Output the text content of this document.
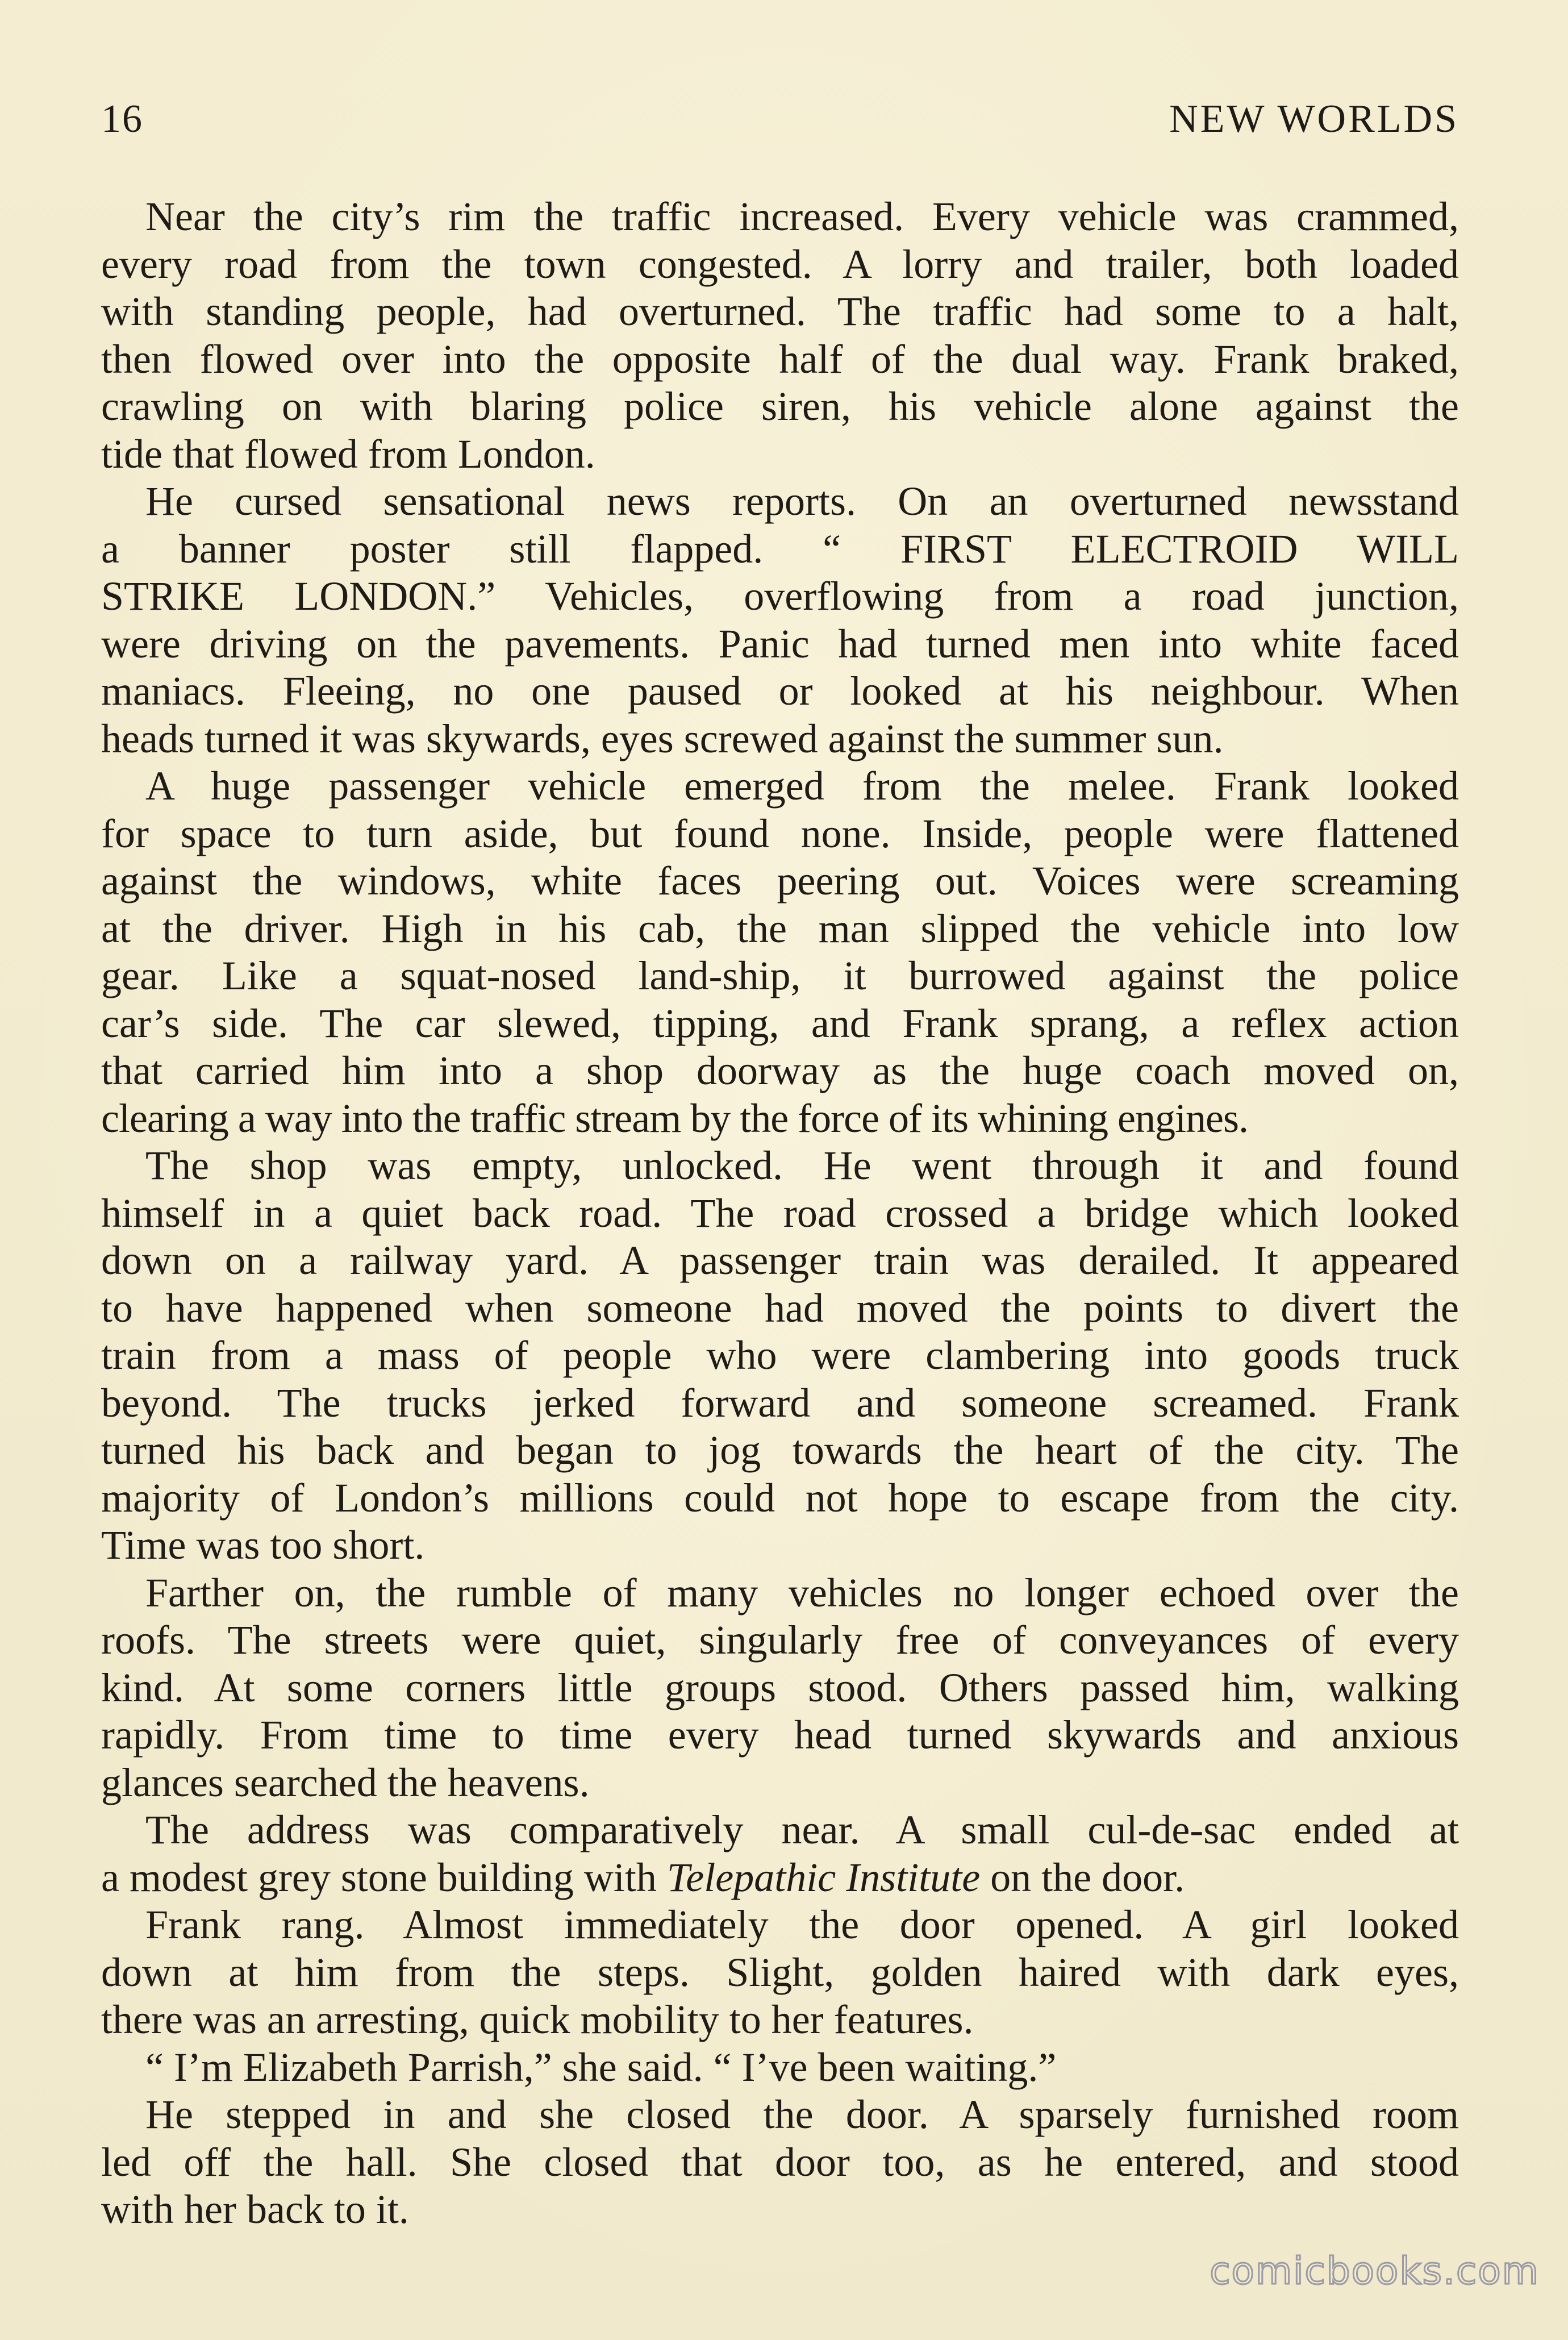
16	NEW WORLDS

Near the city’s rim the traffic increased. Every vehicle was crammed,
every road from the town congested. A lorry and trailer, both loaded
with standing people, had overturned. The traffic had some to a halt,
then flowed over into the opposite half of the dual way. Frank braked,
crawling on with blaring police siren, his vehicle alone against the
tide that flowed from London.

He cursed sensational news reports. On an overturned newsstand
a banner poster still flapped. “ FIRST ELECTROID WILL
STRIKE LONDON.” Vehicles, overflowing from a road junction,
were driving on the pavements. Panic had turned men into white faced
maniacs. Fleeing, no one paused or looked at his neighbour. When
heads turned it was skywards, eyes screwed against the summer sun.

A huge passenger vehicle emerged from the melee. Frank looked
for space to turn aside, but found none. Inside, people were flattened
against the windows, white faces peering out. Voices were screaming
at the driver. High in his cab, the man slipped the vehicle into low
gear. Like a squat-nosed land-ship, it burrowed against the police
car’s side. The car slewed, tipping, and Frank sprang, a reflex action
that carried him into a shop doorway as the huge coach moved on,
clearing a way into the traffic stream by the force of its whining engines.

The shop was empty, unlocked. He went through it and found
himself in a quiet back road. The road crossed a bridge which looked
down on a railway yard. A passenger train was derailed. It appeared
to have happened when someone had moved the points to divert the
train from a mass of people who were clambering into goods truck
beyond. The trucks jerked forward and someone screamed. Frank
turned his back and began to jog towards the heart of the city. The
majority of London’s millions could not hope to escape from the city.
Time was too short.

Farther on, the rumble of many vehicles no longer echoed over the
roofs. The streets were quiet, singularly free of conveyances of every
kind. At some corners little groups stood. Others passed him, walking
rapidly. From time to time every head turned skywards and anxious
glances searched the heavens.

The address was comparatively near. A small cul-de-sac ended at
a modest grey stone building with Telepathic Institute on the door.

Frank rang. Almost immediately the door opened. A girl looked
down at him from the steps. Slight, golden haired with dark eyes,
there was an arresting, quick mobility to her features.

“ I’m Elizabeth Parrish,” she said. “ I’ve been waiting.”

He stepped in and she closed the door. A sparsely furnished room
led off the hall. She closed that door too, as he entered, and stood
with her back to it.

comicbooks.com
